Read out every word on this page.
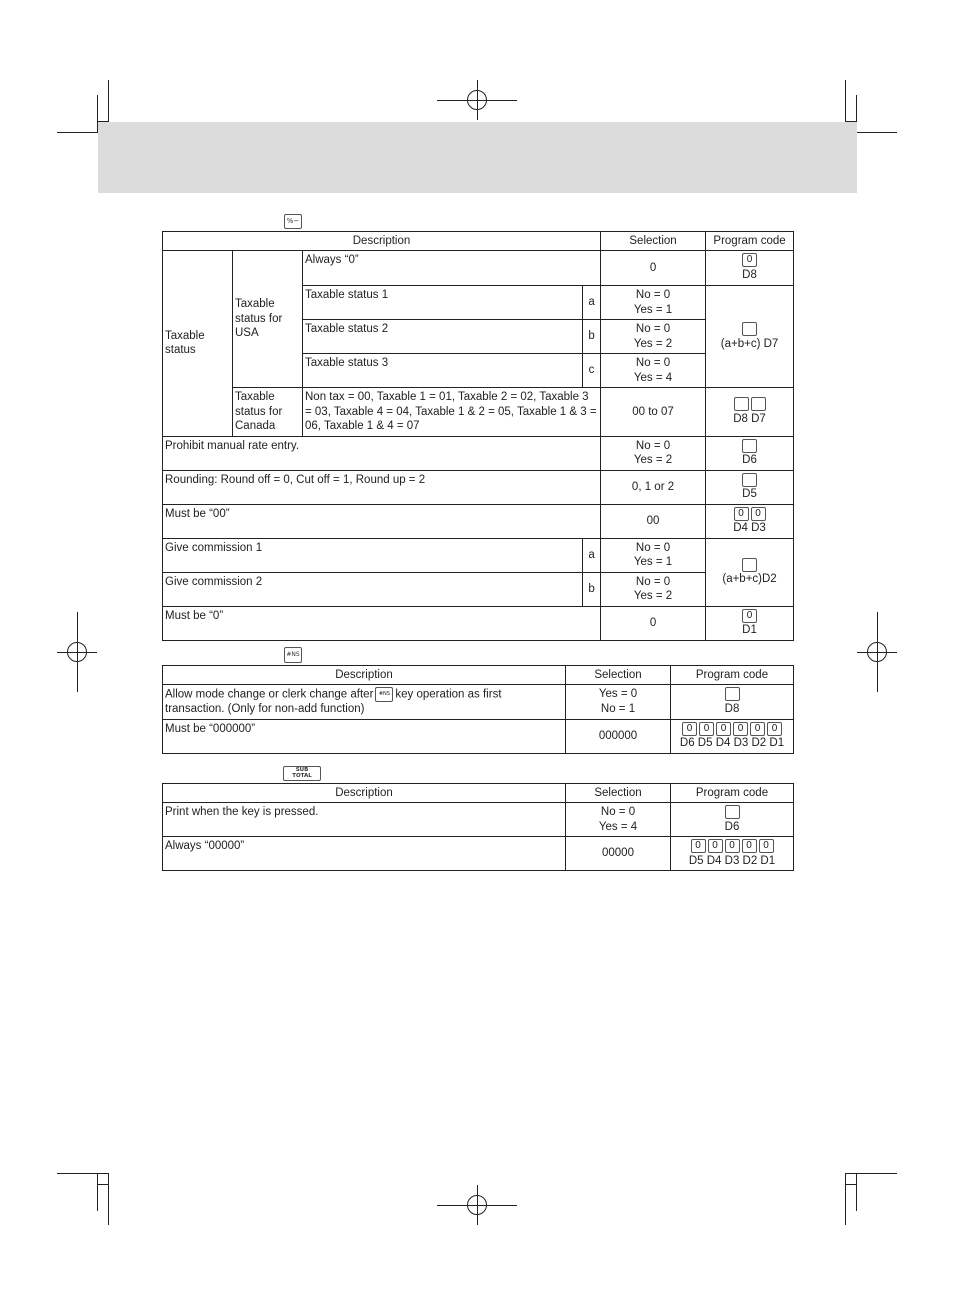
%−
#NS
SUB
TOTAL
Description				Selection	Program code
Taxable status	Taxable status for USA	Always “0”		0	0
D8
		Taxable status 1	a	No = 0
Yes = 1	(a+b+c) D7
		Taxable status 2	b	No = 0
Yes = 2	
		Taxable status 3	c	No = 0
Yes = 4	
	Taxable status for Canada	Non tax = 00, Taxable 1 = 01, Taxable 2 = 02, Taxable 3 = 03, Taxable 4 = 04, Taxable 1 & 2 = 05, Taxable 1 & 3 = 06, Taxable 1 & 4 = 07		00 to 07	D8 D7
Prohibit manual rate entry.				No = 0
Yes = 2	D6
Rounding: Round off = 0, Cut off = 1, Round up = 2				0, 1 or 2	D5
Must be “00”				00	0 0
D4 D3
Give commission 1			a	No = 0
Yes = 1	(a+b+c)D2
Give commission 2			b	No = 0
Yes = 2	
Must be “0”				0	0
D1
Description	Selection	Program code
Allow mode change or clerk change after #NS key operation as first transaction. (Only for non-add function)	Yes = 0
No = 1	D8
Must be “000000”	000000	0 0 0 0 0 0
D6 D5 D4 D3 D2 D1
Description	Selection	Program code
Print when the key is pressed.	No = 0
Yes = 4	D6
Always “00000”	00000	0 0 0 0 0
D5 D4 D3 D2 D1
